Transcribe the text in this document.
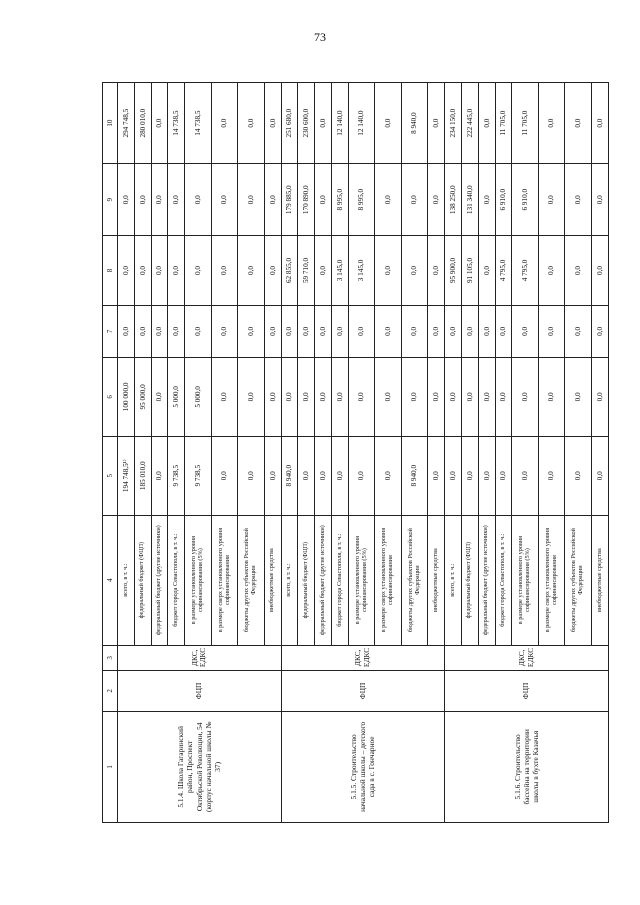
73
1	2	3	4	5	6	7	8	9	10
5.1.4. Школа Гагаринский район, Проспект Октябрьской Революции, 54 (корпус начальной школы № 37)	ФЦП	ДКС, ЕДКС	всего, в т. ч.:	194 748,5¹⁾	100 000,0	0,0	0,0	0,0	294 748,5
			федеральный бюджет (ФЦП)	185 010,0	95 000,0	0,0	0,0	0,0	280 010,0
			федеральный бюджет (другие источники)	0,0	0,0	0,0	0,0	0,0	0,0
			бюджет города Севастополя, в т. ч.:	9 738,5	5 000,0	0,0	0,0	0,0	14 738,5
			в размере установленного уровня софинансирования (5%)	9 738,5	5 000,0	0,0	0,0	0,0	14 738,5
			в размере сверх установленного уровня софинансирования	0,0	0,0	0,0	0,0	0,0	0,0
			бюджеты других субъектов Российской Федерации	0,0	0,0	0,0	0,0	0,0	0,0
			внебюджетные средства	0,0	0,0	0,0	0,0	0,0	0,0
5.1.5. Строительство начальной школы – детского сада в с. Гончарное	ФЦП	ДКС, ЕДКС	всего, в т. ч.:	8 940,0	0,0	0,0	62 855,0	179 885,0	251 680,0
			федеральный бюджет (ФЦП)	0,0	0,0	0,0	59 710,0	170 890,0	230 600,0
			федеральный бюджет (другие источники)	0,0	0,0	0,0	0,0	0,0	0,0
			бюджет города Севастополя, в т. ч.:	0,0	0,0	0,0	3 145,0	8 995,0	12 140,0
			в размере установленного уровня софинансирования (5%)	0,0	0,0	0,0	3 145,0	8 995,0	12 140,0
			в размере сверх установленного уровня софинансирования	0,0	0,0	0,0	0,0	0,0	0,0
			бюджеты других субъектов Российской Федерации	8 940,0	0,0	0,0	0,0	0,0	8 940,0
			внебюджетные средства	0,0	0,0	0,0	0,0	0,0	0,0
5.1.6. Строительство бассейна на территории школы в бухте Казачья	ФЦП	ДКС, ЕДКС	всего, в т. ч.:	0,0	0,0	0,0	95 900,0	138 250,0	234 150,0
			федеральный бюджет (ФЦП)	0,0	0,0	0,0	91 105,0	131 340,0	222 445,0
			федеральный бюджет (другие источники)	0,0	0,0	0,0	0,0	0,0	0,0
			бюджет города Севастополя, в т. ч.:	0,0	0,0	0,0	4 795,0	6 910,0	11 705,0
			в размере установленного уровня софинансирования (5%)	0,0	0,0	0,0	4 795,0	6 910,0	11 705,0
			в размере сверх установленного уровня софинансирования	0,0	0,0	0,0	0,0	0,0	0,0
			бюджеты других субъектов Российской Федерации	0,0	0,0	0,0	0,0	0,0	0,0
			внебюджетные средства	0,0	0,0	0,0	0,0	0,0	0,0
